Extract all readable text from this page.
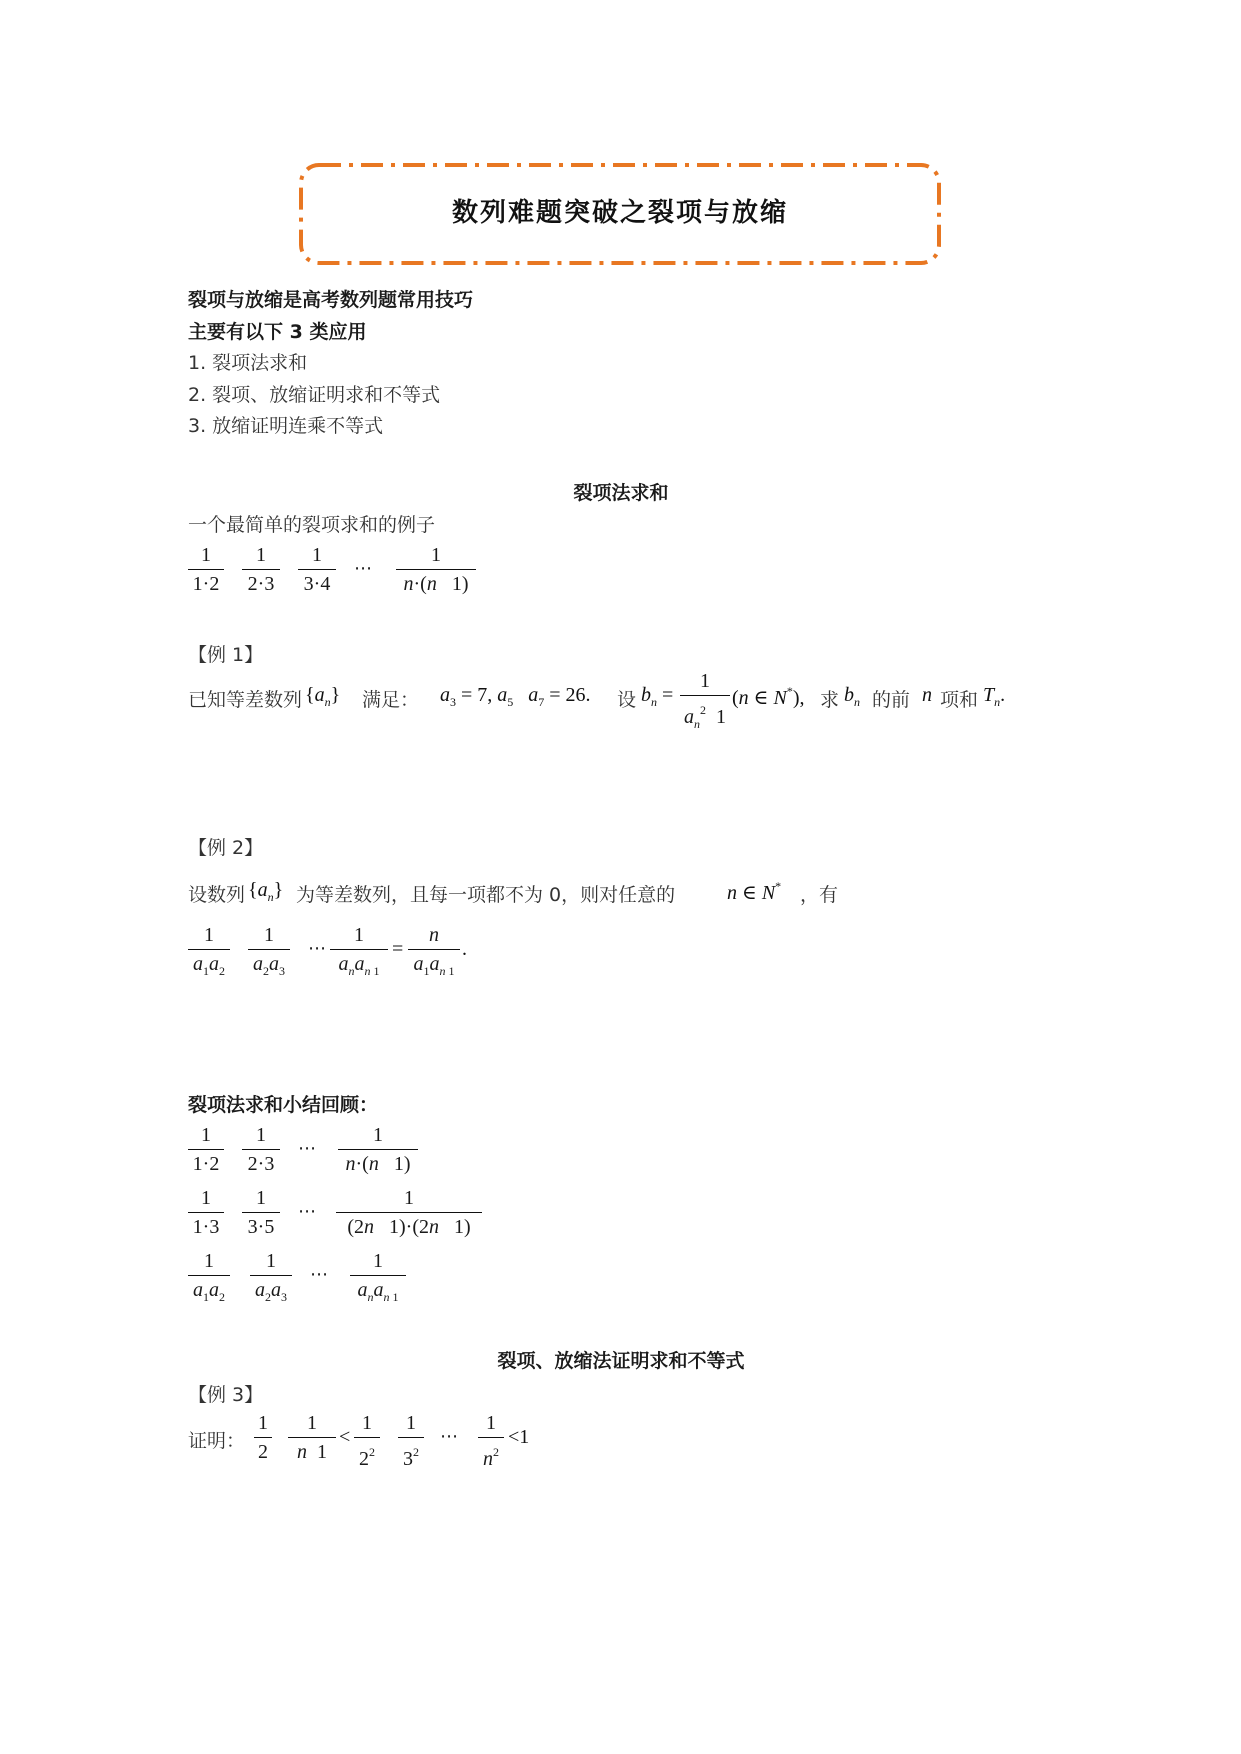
数列难题突破之裂项与放缩
裂项与放缩是高考数列题常用技巧
主要有以下 3 类应用
1. 裂项法求和
2. 裂项、放缩证明求和不等式
3. 放缩证明连乘不等式
裂项法求和
一个最简单的裂项求和的例子
1
1·2
1
2·3
1
3·4
⋯
1
n·(n   1)
【例 1】
已知等差数列 $\{a_n\}$ 满足： $a_3 = 7$, $a_5$ $a_7 = 26$. 设 $b_n$ =
1
$a_n^2$  1
(n ∈ N*), 求 $b_n$ 的前 n 项和 $T_n$.
【例 2】
设数列 $\{a_n\}$ 为等差数列，且每一项都不为 0，则对任意的	n ∈ N* ，有
1
$a_1a_2$
1
$a_2a_3$
⋯
1
$a_na_{n 1}$
=
n
$a_1a_{n 1}$
.
裂项法求和小结回顾：
1
1·2
1
2·3
⋯
1
n·(n   1)
1
1·3
1
3·5
⋯
1
(2n   1)·(2n   1)
1
$a_1a_2$
1
$a_2a_3$
⋯
1
$a_na_{n 1}$
裂项、放缩法证明求和不等式
【例 3】
证明：
1
2
1
n  1
<
1
$2^2$
1
$3^2$
⋯
1
$n^2$
<1
